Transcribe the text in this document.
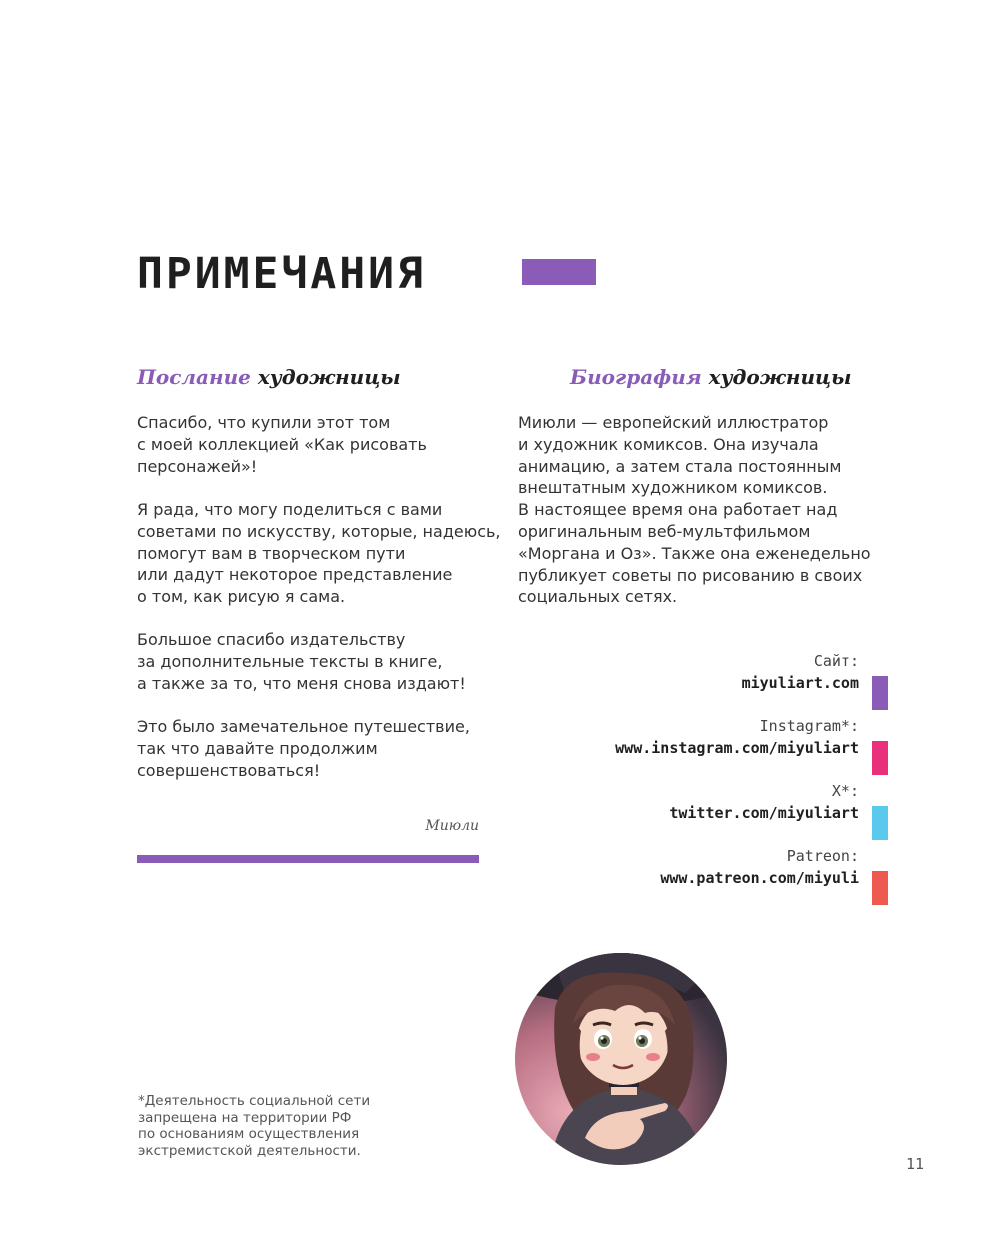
ПРИМЕЧАНИЯ
Послание художницы

Спасибо, что купили этот том
с моей коллекцией «Как рисовать
персонажей»!

Я рада, что могу поделиться с вами
советами по искусству, которые, надеюсь,
помогут вам в творческом пути
или дадут некоторое представление
о том, как рисую я сама.

Большое спасибо издательству
за дополнительные тексты в книге,
а также за то, что меня снова издают!

Это было замечательное путешествие,
так что давайте продолжим
совершенствоваться!

Миюли
Биография художницы

Миюли — европейский иллюстратор
и художник комиксов. Она изучала
анимацию, а затем стала постоянным
внештатным художником комиксов.
В настоящее время она работает над
оригинальным веб-мультфильмом
«Моргана и Оз». Также она еженедельно
публикует советы по рисованию в своих
социальных сетях.

Сайт:
miyuliart.com
Instagram*:
www.instagram.com/miyuliart
X*:
twitter.com/miyuliart
Patreon:
www.patreon.com/miyuli

*Деятельность социальной сети
запрещена на территории РФ
по основаниям осуществления
экстремистской деятельности.

11
